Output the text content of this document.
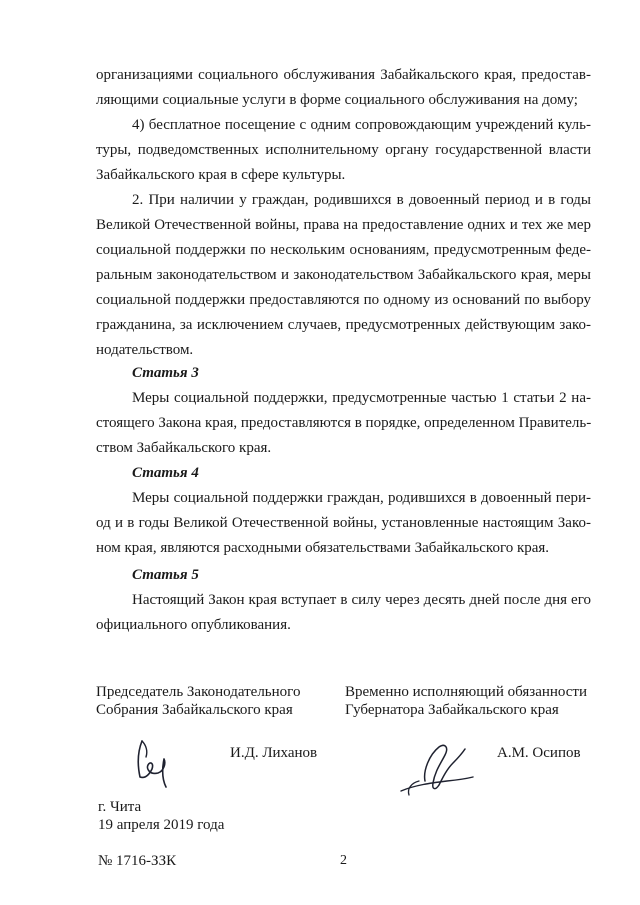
организациями социального обслуживания Забайкальского края, предостав-
ляющими социальные услуги в форме социального обслуживания на дому;
4) бесплатное посещение с одним сопровождающим учреждений куль-
туры, подведомственных исполнительному органу государственной власти
Забайкальского края в сфере культуры.
2. При наличии у граждан, родившихся в довоенный период и в годы
Великой Отечественной войны, права на предоставление одних и тех же мер
социальной поддержки по нескольким основаниям, предусмотренным феде-
ральным законодательством и законодательством Забайкальского края, меры
социальной поддержки предоставляются по одному из оснований по выбору
гражданина, за исключением случаев, предусмотренных действующим зако-
нодательством.
Статья 3
Меры социальной поддержки, предусмотренные частью 1 статьи 2 на-
стоящего Закона края, предоставляются в порядке, определенном Правитель-
ством Забайкальского края.
Статья 4
Меры социальной поддержки граждан, родившихся в довоенный пери-
од и в годы Великой Отечественной войны, установленные настоящим Зако-
ном края, являются расходными обязательствами Забайкальского края.
Статья 5
Настоящий Закон края вступает в силу через десять дней после дня его
официального опубликования.
Председатель Законодательного
Собрания Забайкальского края
И.Д. Лиханов
Временно исполняющий обязанности
Губернатора Забайкальского края
А.М. Осипов
г. Чита
19 апреля 2019 года
№ 1716-ЗЗК	2
